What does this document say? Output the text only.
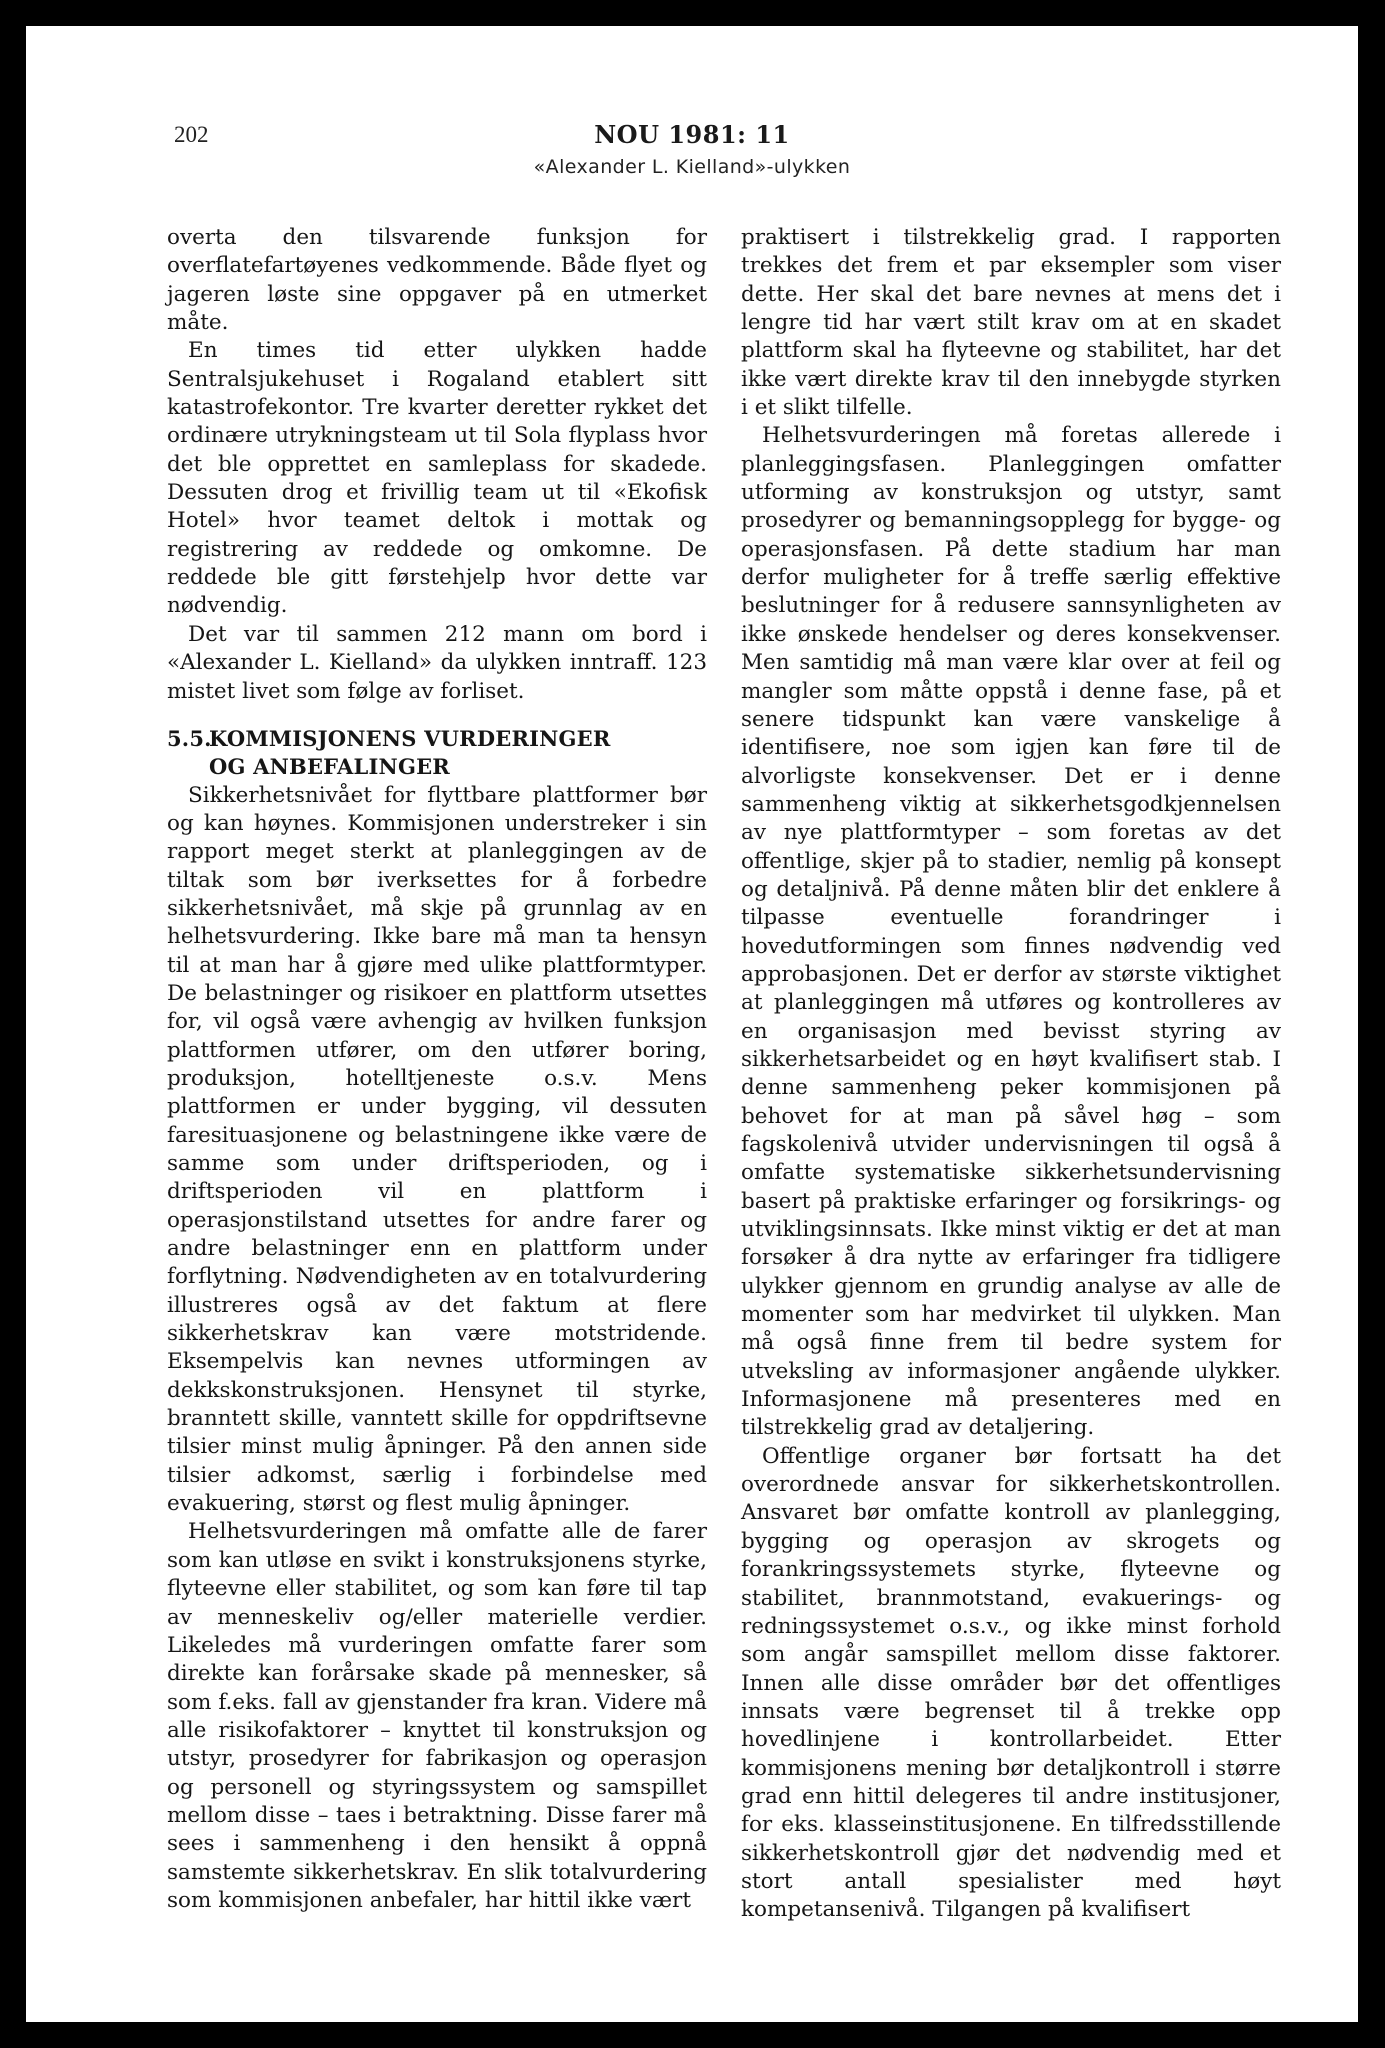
202	NOU 1981: 11
«Alexander L. Kielland»-ulykken

overta den tilsvarende funksjon for overflatefartøyenes vedkommende. Både flyet og jageren løste sine oppgaver på en utmerket måte.

En times tid etter ulykken hadde Sentralsjukehuset i Rogaland etablert sitt katastrofekontor. Tre kvarter deretter rykket det ordinære utrykningsteam ut til Sola flyplass hvor det ble opprettet en samleplass for skadede. Dessuten drog et frivillig team ut til «Ekofisk Hotel» hvor teamet deltok i mottak og registrering av reddede og omkomne. De reddede ble gitt førstehjelp hvor dette var nødvendig.

Det var til sammen 212 mann om bord i «Alexander L. Kielland» da ulykken inntraff. 123 mistet livet som følge av forliset.

5.5.KOMMISJONENS VURDERINGER
OG ANBEFALINGER

Sikkerhetsnivået for flyttbare plattformer bør og kan høynes. Kommisjonen understreker i sin rapport meget sterkt at planleggingen av de tiltak som bør iverksettes for å forbedre sikkerhetsnivået, må skje på grunnlag av en helhetsvurdering. Ikke bare må man ta hensyn til at man har å gjøre med ulike plattformtyper. De belastninger og risikoer en plattform utsettes for, vil også være avhengig av hvilken funksjon plattformen utfører, om den utfører boring, produksjon, hotelltjeneste o.s.v. Mens plattformen er under bygging, vil dessuten faresituasjonene og belastningene ikke være de samme som under driftsperioden, og i driftsperioden vil en plattform i operasjonstilstand utsettes for andre farer og andre belastninger enn en plattform under forflytning. Nødvendigheten av en totalvurdering illustreres også av det faktum at flere sikkerhetskrav kan være motstridende. Eksempelvis kan nevnes utformingen av dekkskonstruksjonen. Hensynet til styrke, branntett skille, vanntett skille for oppdriftsevne tilsier minst mulig åpninger. På den annen side tilsier adkomst, særlig i forbindelse med evakuering, størst og flest mulig åpninger.

Helhetsvurderingen må omfatte alle de farer som kan utløse en svikt i konstruksjonens styrke, flyteevne eller stabilitet, og som kan føre til tap av menneskeliv og/eller materielle verdier. Likeledes må vurderingen omfatte farer som direkte kan forårsake skade på mennesker, så som f.eks. fall av gjenstander fra kran. Videre må alle risikofaktorer – knyttet til konstruksjon og utstyr, prosedyrer for fabrikasjon og operasjon og personell og styringssystem og samspillet mellom disse – taes i betraktning. Disse farer må sees i sammenheng i den hensikt å oppnå samstemte sikkerhetskrav. En slik totalvurdering som kommisjonen anbefaler, har hittil ikke vært

praktisert i tilstrekkelig grad. I rapporten trekkes det frem et par eksempler som viser dette. Her skal det bare nevnes at mens det i lengre tid har vært stilt krav om at en skadet plattform skal ha flyteevne og stabilitet, har det ikke vært direkte krav til den innebygde styrken i et slikt tilfelle.

Helhetsvurderingen må foretas allerede i planleggingsfasen. Planleggingen omfatter utforming av konstruksjon og utstyr, samt prosedyrer og bemanningsopplegg for bygge- og operasjonsfasen. På dette stadium har man derfor muligheter for å treffe særlig effektive beslutninger for å redusere sannsynligheten av ikke ønskede hendelser og deres konsekvenser. Men samtidig må man være klar over at feil og mangler som måtte oppstå i denne fase, på et senere tidspunkt kan være vanskelige å identifisere, noe som igjen kan føre til de alvorligste konsekvenser. Det er i denne sammenheng viktig at sikkerhetsgodkjennelsen av nye plattformtyper – som foretas av det offentlige, skjer på to stadier, nemlig på konsept og detaljnivå. På denne måten blir det enklere å tilpasse eventuelle forandringer i hovedutformingen som finnes nødvendig ved approbasjonen. Det er derfor av største viktighet at planleggingen må utføres og kontrolleres av en organisasjon med bevisst styring av sikkerhetsarbeidet og en høyt kvalifisert stab. I denne sammenheng peker kommisjonen på behovet for at man på såvel høg – som fagskolenivå utvider undervisningen til også å omfatte systematiske sikkerhetsundervisning basert på praktiske erfaringer og forsikrings- og utviklingsinnsats. Ikke minst viktig er det at man forsøker å dra nytte av erfaringer fra tidligere ulykker gjennom en grundig analyse av alle de momenter som har medvirket til ulykken. Man må også finne frem til bedre system for utveksling av informasjoner angående ulykker. Informasjonene må presenteres med en tilstrekkelig grad av detaljering.

Offentlige organer bør fortsatt ha det overordnede ansvar for sikkerhetskontrollen. Ansvaret bør omfatte kontroll av planlegging, bygging og operasjon av skrogets og forankringssystemets styrke, flyteevne og stabilitet, brannmotstand, evakuerings- og redningssystemet o.s.v., og ikke minst forhold som angår samspillet mellom disse faktorer. Innen alle disse områder bør det offentliges innsats være begrenset til å trekke opp hovedlinjene i kontrollarbeidet. Etter kommisjonens mening bør detaljkontroll i større grad enn hittil delegeres til andre institusjoner, for eks. klasseinstitusjonene. En tilfredsstillende sikkerhetskontroll gjør det nødvendig med et stort antall spesialister med høyt kompetansenivå. Tilgangen på kvalifisert
